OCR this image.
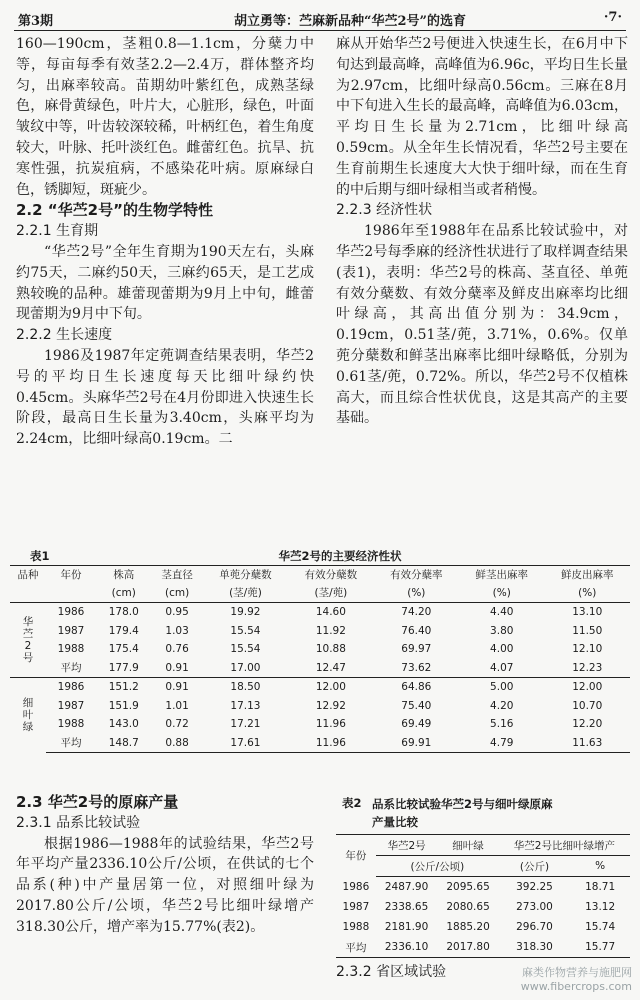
第3期	胡立勇等：苎麻新品种“华苎2号”的选育	·7·

160—190cm，茎粗0.8—1.1cm，分蘖力中等，每亩每季有效茎2.2—2.4万，群体整齐均匀，出麻率较高。苗期幼叶紫红色，成熟茎绿色，麻骨黄绿色，叶片大，心脏形，绿色，叶面皱纹中等，叶齿较深较稀，叶柄红色，着生角度较大，叶脉、托叶淡红色。雌蕾红色。抗旱、抗寒性强，抗炭疽病，不感染花叶病。原麻绿白色，锈脚短，斑疵少。

2.2 “华苎2号”的生物学特性

2.2.1 生育期

“华苎2号”全年生育期为190天左右，头麻约75天，二麻约50天，三麻约65天，是工艺成熟较晚的品种。雄蕾现蕾期为9月上中旬，雌蕾现蕾期为9月中下旬。

2.2.2 生长速度

1986及1987年定蔸调查结果表明，华苎2号的平均日生长速度每天比细叶绿约快0.45cm。头麻华苎2号在4月份即进入快速生长阶段，最高日生长量为3.40cm，头麻平均为2.24cm，比细叶绿高0.19cm。二

麻从开始华苎2号便进入快速生长，在6月中下旬达到最高峰，高峰值为6.96c，平均日生长量为2.97cm，比细叶绿高0.56cm。三麻在8月中下旬进入生长的最高峰，高峰值为6.03cm，平均日生长量为2.71cm，比细叶绿高0.59cm。从全年生长情况看，华苎2号主要在生育前期生长速度大大快于细叶绿，而在生育的中后期与细叶绿相当或者稍慢。

2.2.3 经济性状

1986年至1988年在品系比较试验中，对华苎2号每季麻的经济性状进行了取样调查结果(表1)，表明：华苎2号的株高、茎直径、单蔸有效分蘖数、有效分蘖率及鲜皮出麻率均比细叶绿高，其高出值分别为：34.9cm，0.19cm，0.51茎/蔸，3.71%，0.6%。仅单蔸分蘖数和鲜茎出麻率比细叶绿略低，分别为0.61茎/蔸，0.72%。所以，华苎2号不仅植株高大，而且综合性状优良，这是其高产的主要基础。

表1	华苎2号的主要经济性状
品种	年份	株高	茎直径	单蔸分蘖数	有效分蘖数	有效分蘖率	鲜茎出麻率	鲜皮出麻率
		(cm)	(cm)	(茎/蔸)	(茎/蔸)	(%)	(%)	(%)
华
苎
2
号	1986	178.0	0.95	19.92	14.60	74.20	4.40	13.10
	1987	179.4	1.03	15.54	11.92	76.40	3.80	11.50
	1988	175.4	0.76	15.54	10.88	69.97	4.00	12.10
	平均	177.9	0.91	17.00	12.47	73.62	4.07	12.23
细
叶
绿	1986	151.2	0.91	18.50	12.00	64.86	5.00	12.00
	1987	151.9	1.01	17.13	12.92	75.40	4.20	10.70
	1988	143.0	0.72	17.21	11.96	69.49	5.16	12.20
	平均	148.7	0.88	17.61	11.96	69.91	4.79	11.63

2.3 华苎2号的原麻产量

2.3.1 品系比较试验

根据1986—1988年的试验结果，华苎2号年平均产量2336.10公斤/公顷，在供试的七个品系(种)中产量居第一位，对照细叶绿为2017.80公斤/公顷，华苎2号比细叶绿增产318.30公斤，增产率为15.77%(表2)。

表2 品系比较试验华苎2号与细叶绿原麻
产量比较
年份	华苎2号	细叶绿	华苎2号比细叶绿增产	
	(公斤/公顷)		(公斤)	%
1986	2487.90	2095.65	392.25	18.71
1987	2338.65	2080.65	273.00	13.12
1988	2181.90	1885.20	296.70	15.74
平均	2336.10	2017.80	318.30	15.77

2.3.2 省区域试验	麻类作物营养与施肥网
www.fibercrops.com
